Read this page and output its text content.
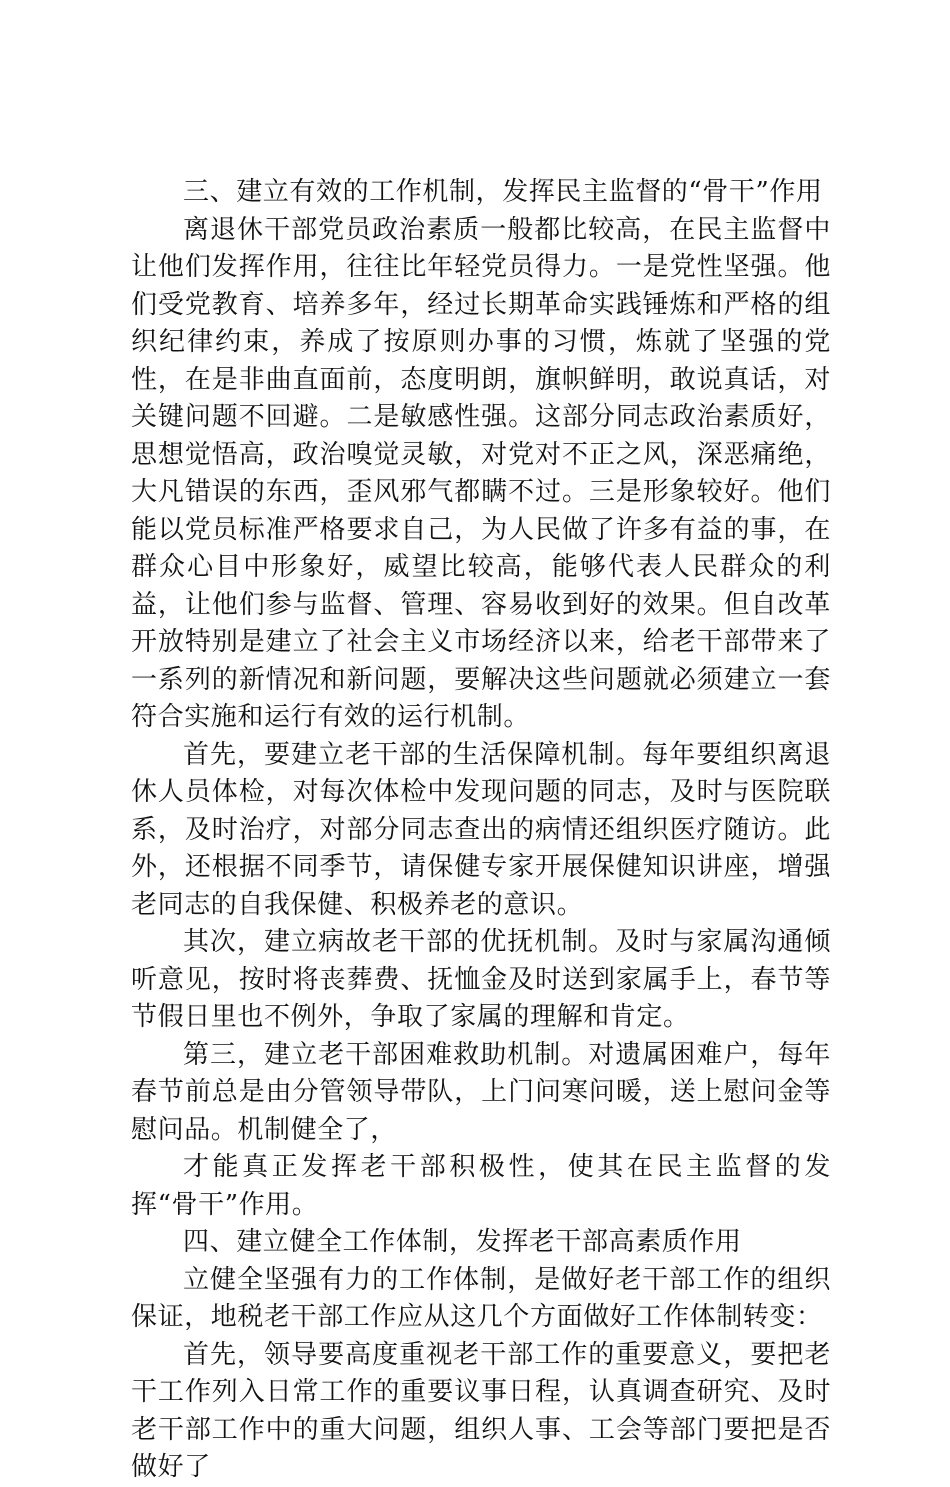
三、建立有效的工作机制，发挥民主监督的“骨干”作用

离退休干部党员政治素质一般都比较高，在民主监督中让他们发挥作用，往往比年轻党员得力。一是党性坚强。他们受党教育、培养多年，经过长期革命实践锤炼和严格的组织纪律约束，养成了按原则办事的习惯，炼就了坚强的党性，在是非曲直面前，态度明朗，旗帜鲜明，敢说真话，对关键问题不回避。二是敏感性强。这部分同志政治素质好，思想觉悟高，政治嗅觉灵敏，对党对不正之风，深恶痛绝，大凡错误的东西，歪风邪气都瞒不过。三是形象较好。他们能以党员标准严格要求自己，为人民做了许多有益的事，在群众心目中形象好，威望比较高，能够代表人民群众的利益，让他们参与监督、管理、容易收到好的效果。但自改革开放特别是建立了社会主义市场经济以来，给老干部带来了一系列的新情况和新问题，要解决这些问题就必须建立一套符合实施和运行有效的运行机制。

首先，要建立老干部的生活保障机制。每年要组织离退休人员体检，对每次体检中发现问题的同志，及时与医院联系，及时治疗，对部分同志查出的病情还组织医疗随访。此外，还根据不同季节，请保健专家开展保健知识讲座，增强老同志的自我保健、积极养老的意识。

其次，建立病故老干部的优抚机制。及时与家属沟通倾听意见，按时将丧葬费、抚恤金及时送到家属手上，春节等节假日里也不例外，争取了家属的理解和肯定。

第三，建立老干部困难救助机制。对遗属困难户，每年春节前总是由分管领导带队，上门问寒问暖，送上慰问金等慰问品。机制健全了，

才能真正发挥老干部积极性，使其在民主监督的发挥“骨干”作用。

四、建立健全工作体制，发挥老干部高素质作用

立健全坚强有力的工作体制，是做好老干部工作的组织保证，地税老干部工作应从这几个方面做好工作体制转变：

首先，领导要高度重视老干部工作的重要意义，要把老干工作列入日常工作的重要议事日程，认真调查研究、及时老干部工作中的重大问题，组织人事、工会等部门要把是否做好了
